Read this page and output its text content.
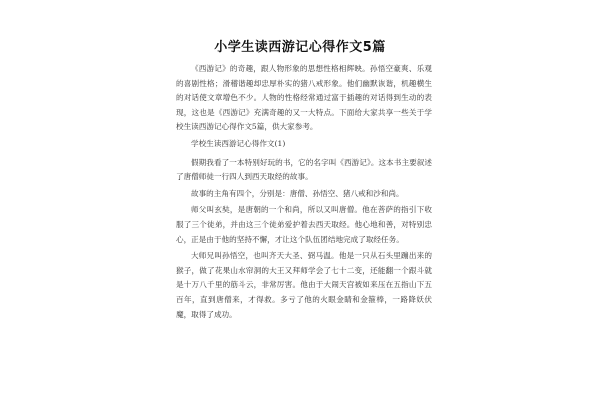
小学生读西游记心得作文5篇

《西游记》的奇趣，跟人物形象的思想性格相辉映。孙悟空豪爽、乐观的喜剧性格；滑稽谐趣却忠厚朴实的猪八戒形象。他们幽默诙谐，机趣横生的对话使文章增色不少。人物的性格经常通过富于插趣的对话得到生动的表现，这也是《西游记》充满奇趣的又一大特点。下面给大家共享一些关于学校生读西游记心得作文5篇，供大家参考。

学校生读西游记心得作文(1)

假期我看了一本特别好玩的书，它的名字叫《西游记》。这本书主要叙述了唐僧师徒一行四人到西天取经的故事。

故事的主角有四个，分别是：唐僧、孙悟空、猪八戒和沙和尚。

师父叫玄奘，是唐朝的一个和尚，所以又叫唐僧。他在菩萨的指引下收服了三个徒弟，并由这三个徒弟爱护着去西天取经。他心地和善，对特别忠心，正是由于他的坚持不懈，才让这个队伍团结地完成了取经任务。

大师兄叫孙悟空，也叫齐天大圣、弼马温。他是一只从石头里蹦出来的猴子，做了花果山水帘洞的大王又拜师学会了七十二变，还能翻一个跟斗就是十万八千里的筋斗云，非常厉害。他由于大闹天宫被如来压在五指山下五百年，直到唐僧来，才得救。多亏了他的火眼金睛和金箍棒，一路降妖伏魔，取得了成功。
